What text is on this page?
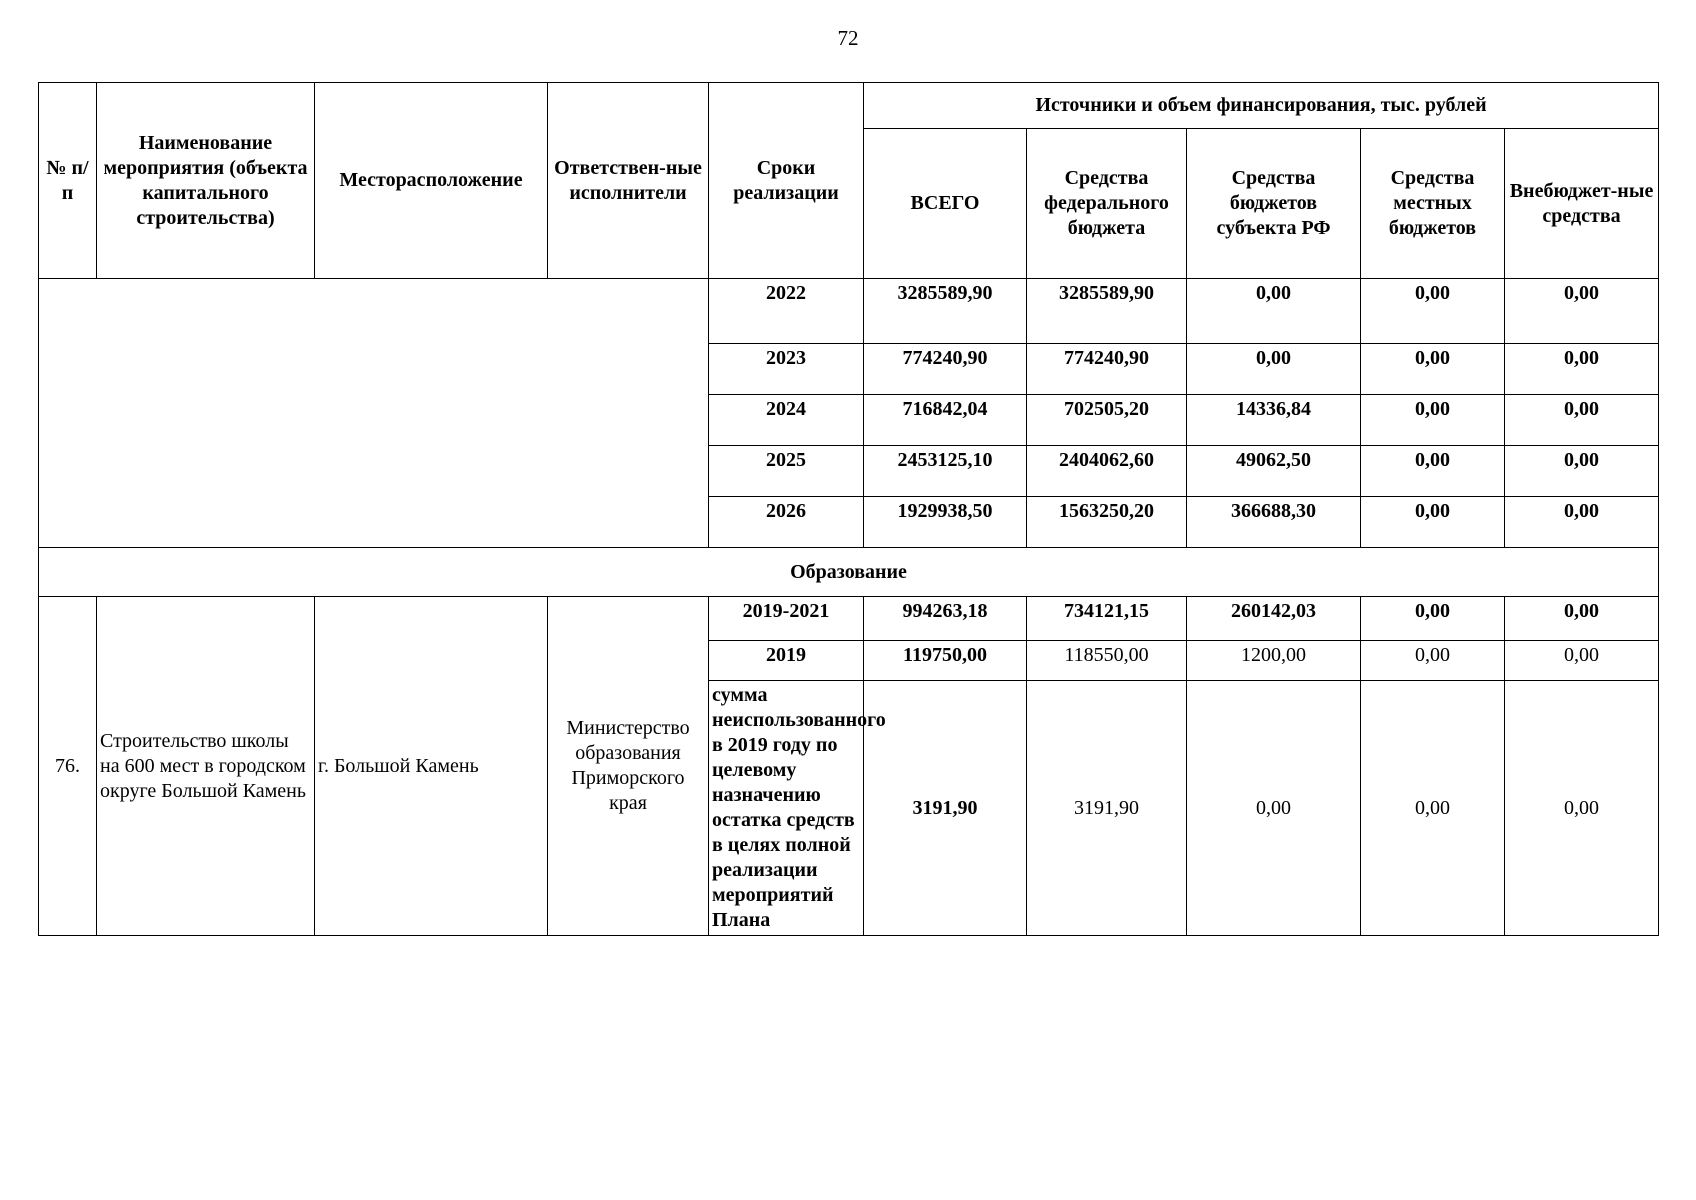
72
№ п/п	Наименование мероприятия (объекта капитального строительства)	Месторасположение	Ответствен-ные исполнители	Сроки реализации	Источники и объем финансирования, тыс. рублей				
					ВСЕГО	Средства федерального бюджета	Средства бюджетов субъекта РФ	Средства местных бюджетов	Внебюджет-ные средства
				2022	3285589,90	3285589,90	0,00	0,00	0,00
				2023	774240,90	774240,90	0,00	0,00	0,00
				2024	716842,04	702505,20	14336,84	0,00	0,00
				2025	2453125,10	2404062,60	49062,50	0,00	0,00
				2026	1929938,50	1563250,20	366688,30	0,00	0,00
Образование									
76.	Строительство школы на 600 мест в городском округе Большой Камень	г. Большой Камень	Министерство образования Приморского края	2019-2021	994263,18	734121,15	260142,03	0,00	0,00
				2019	119750,00	118550,00	1200,00	0,00	0,00
				сумма неиспользованного в 2019 году по целевому назначению остатка средств в целях полной реализации мероприятий Плана	3191,90	3191,90	0,00	0,00	0,00
